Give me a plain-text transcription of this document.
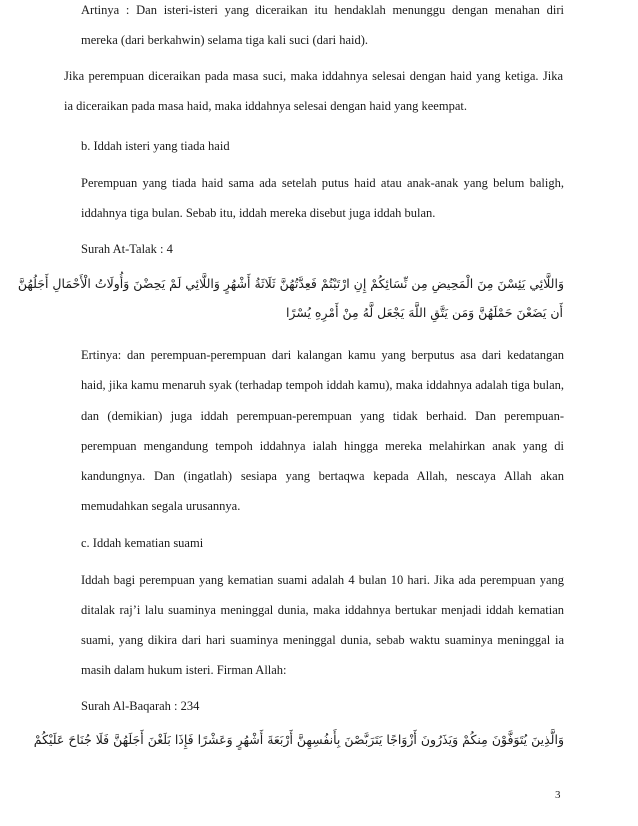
Artinya : Dan isteri-isteri yang diceraikan itu hendaklah menunggu dengan menahan diri
mereka (dari berkahwin) selama tiga kali suci (dari haid).
Jika perempuan diceraikan pada masa suci, maka iddahnya selesai dengan haid yang ketiga. Jika
ia diceraikan pada masa haid, maka iddahnya selesai dengan haid yang keempat.
b. Iddah isteri yang tiada haid
Perempuan yang tiada haid sama ada setelah putus haid atau anak-anak yang belum baligh,
iddahnya tiga bulan. Sebab itu, iddah mereka disebut juga iddah bulan.
Surah At-Talak : 4
وَاللَّائِي يَئِسْنَ مِنَ الْمَحِيضِ مِن نِّسَائِكُمْ إِنِ ارْتَبْتُمْ فَعِدَّتُهُنَّ ثَلَاثَةُ أَشْهُرٍ وَاللَّائِي لَمْ يَحِضْنَ وَأُولَاتُ الْأَحْمَالِ أَجَلُهُنَّ
أَن يَضَعْنَ حَمْلَهُنَّ وَمَن يَتَّقِ اللَّهَ يَجْعَل لَّهُ مِنْ أَمْرِهِ يُسْرًا
Ertinya: dan perempuan-perempuan dari kalangan kamu yang berputus asa dari kedatangan
haid, jika kamu menaruh syak (terhadap tempoh iddah kamu), maka iddahnya adalah tiga bulan,
dan (demikian) juga iddah perempuan-perempuan yang tidak berhaid. Dan perempuan-
perempuan mengandung tempoh iddahnya ialah hingga mereka melahirkan anak yang di
kandungnya. Dan (ingatlah) sesiapa yang bertaqwa kepada Allah, nescaya Allah akan
memudahkan segala urusannya.
c. Iddah kematian suami
Iddah bagi perempuan yang kematian suami adalah 4 bulan 10 hari. Jika ada perempuan yang
ditalak raj’i lalu suaminya meninggal dunia, maka iddahnya bertukar menjadi iddah kematian
suami, yang dikira dari hari suaminya meninggal dunia, sebab waktu suaminya meninggal ia
masih dalam hukum isteri. Firman Allah:
Surah Al-Baqarah : 234
وَالَّذِينَ يُتَوَفَّوْنَ مِنكُمْ وَيَذَرُونَ أَزْوَاجًا يَتَرَبَّصْنَ بِأَنفُسِهِنَّ أَرْبَعَةَ أَشْهُرٍ وَعَشْرًا فَإِذَا بَلَغْنَ أَجَلَهُنَّ فَلَا جُنَاحَ عَلَيْكُمْ
3
